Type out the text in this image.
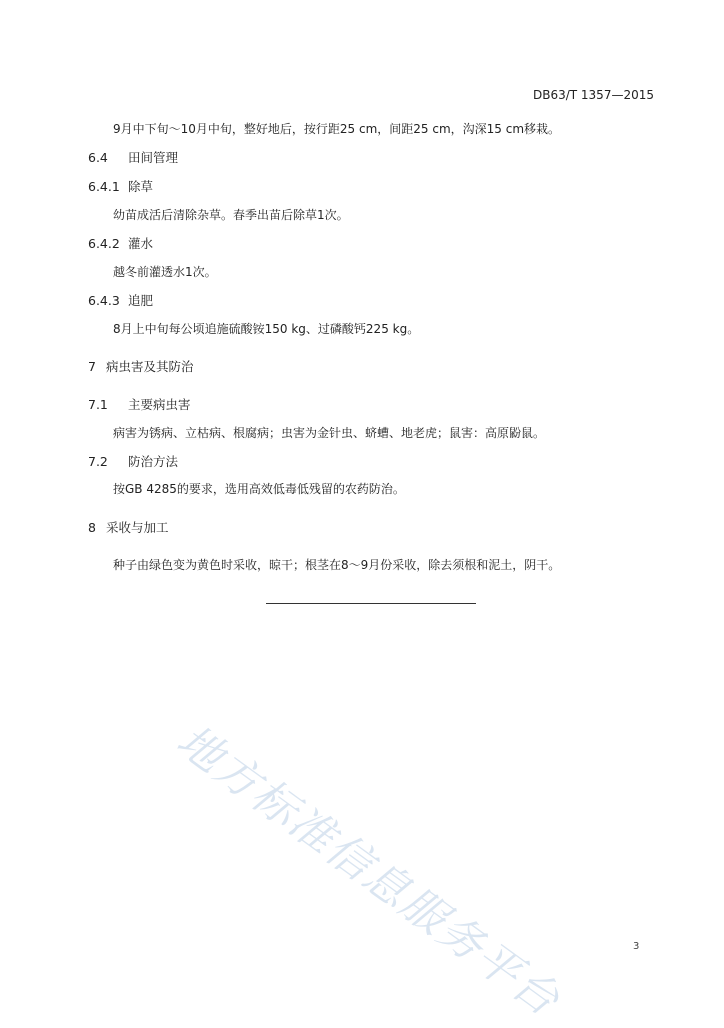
DB63/T 1357—2015
9月中下旬～10月中旬，整好地后，按行距25 cm，间距25 cm，沟深15 cm移栽。
6.4 田间管理
6.4.1 除草
幼苗成活后清除杂草。春季出苗后除草1次。
6.4.2 灌水
越冬前灌透水1次。
6.4.3 追肥
8月上中旬每公顷追施硫酸铵150 kg、过磷酸钙225 kg。
7 病虫害及其防治
7.1 主要病虫害
病害为锈病、立枯病、根腐病；虫害为金针虫、蛴螬、地老虎；鼠害：高原鼢鼠。
7.2 防治方法
按GB 4285的要求，选用高效低毒低残留的农药防治。
8 采收与加工
种子由绿色变为黄色时采收，晾干；根茎在8～9月份采收，除去须根和泥土，阴干。
地方标准信息服务平台	3
